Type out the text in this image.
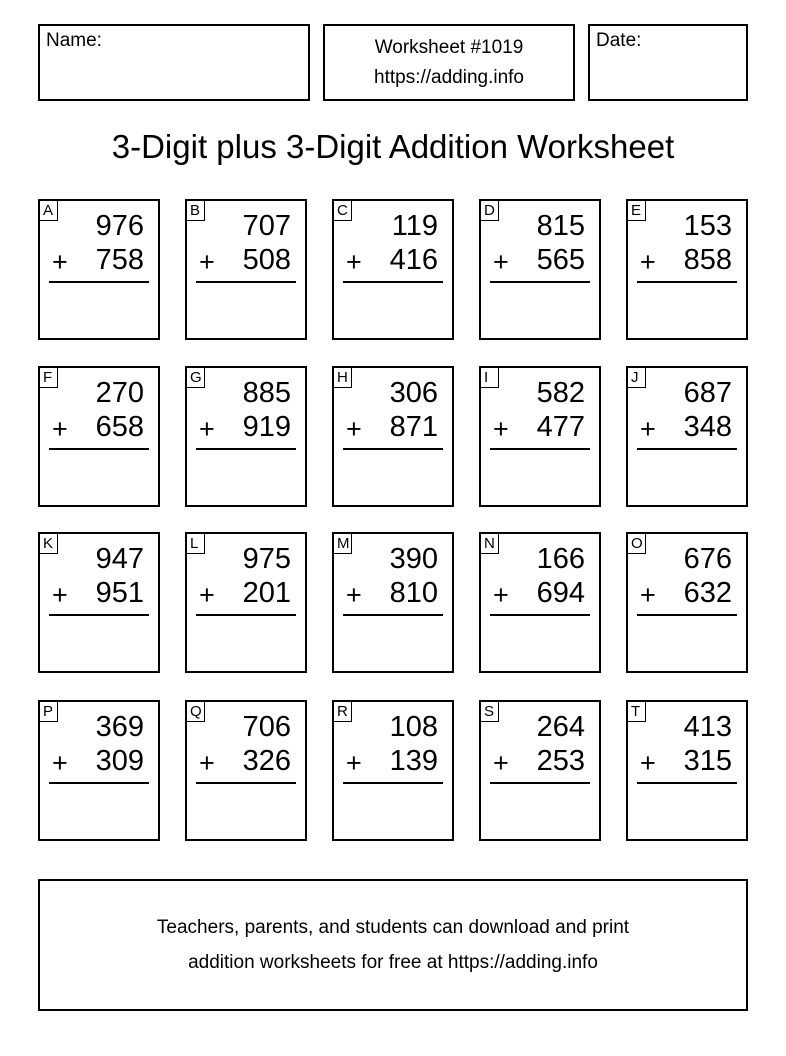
Name:	Worksheet #1019
https://adding.info
Date:
3-Digit plus 3-Digit Addition Worksheet
A 976
+ 758
B 707
+ 508
C 119
+ 416
D 815
+ 565
E 153
+ 858
F 270
+ 658
G 885
+ 919
H 306
+ 871
I	582
+ 477
J 687
+ 348
K 947
+ 951
L 975
+ 201
M 390
+ 810
N 166
+ 694
O 676
+ 632
P 369
+ 309
Q 706
+ 326
R 108
+ 139
S 264
+ 253
T 413
+ 315
Teachers, parents, and students can download and print
addition worksheets for free at https://adding.info
